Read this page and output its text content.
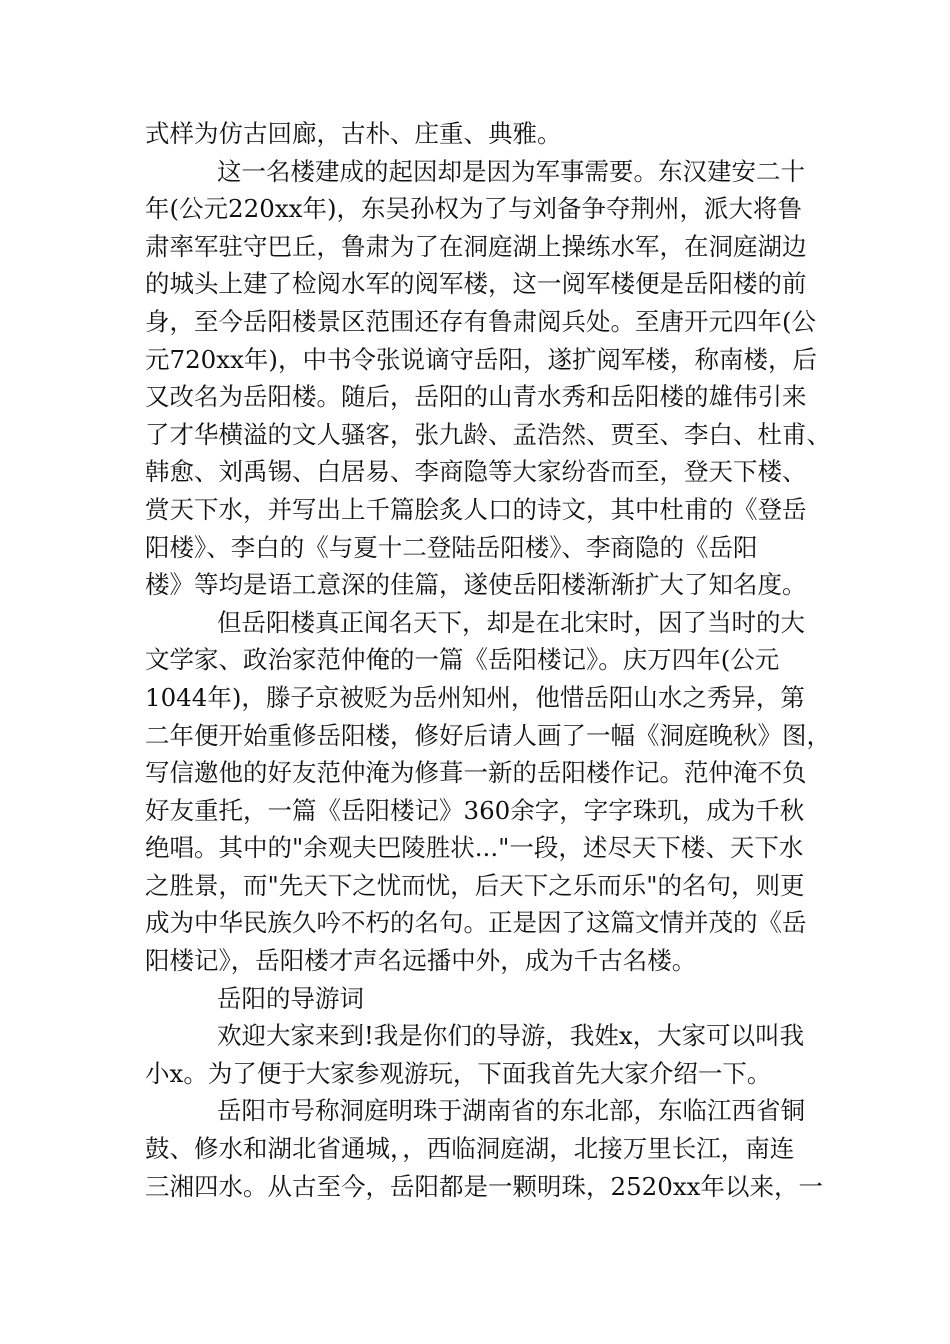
式样为仿古回廊，古朴、庄重、典雅。
这一名楼建成的起因却是因为军事需要。东汉建安二十
年(公元220xx年)，东吴孙权为了与刘备争夺荆州，派大将鲁
肃率军驻守巴丘，鲁肃为了在洞庭湖上操练水军，在洞庭湖边
的城头上建了检阅水军的阅军楼，这一阅军楼便是岳阳楼的前
身，至今岳阳楼景区范围还存有鲁肃阅兵处。至唐开元四年(公
元720xx年)，中书令张说谪守岳阳，遂扩阅军楼，称南楼，后
又改名为岳阳楼。随后，岳阳的山青水秀和岳阳楼的雄伟引来
了才华横溢的文人骚客，张九龄、孟浩然、贾至、李白、杜甫、
韩愈、刘禹锡、白居易、李商隐等大家纷沓而至，登天下楼、
赏天下水，并写出上千篇脍炙人口的诗文，其中杜甫的《登岳
阳楼》、李白的《与夏十二登陆岳阳楼》、李商隐的《岳阳
楼》等均是语工意深的佳篇，遂使岳阳楼渐渐扩大了知名度。
但岳阳楼真正闻名天下，却是在北宋时，因了当时的大
文学家、政治家范仲俺的一篇《岳阳楼记》。庆万四年(公元
1044年)，滕子京被贬为岳州知州，他惜岳阳山水之秀异，第
二年便开始重修岳阳楼，修好后请人画了一幅《洞庭晚秋》图，
写信邀他的好友范仲淹为修葺一新的岳阳楼作记。范仲淹不负
好友重托，一篇《岳阳楼记》360余字，字字珠玑，成为千秋
绝唱。其中的"余观夫巴陵胜状..."一段，述尽天下楼、天下水
之胜景，而"先天下之忧而忧，后天下之乐而乐"的名句，则更
成为中华民族久吟不朽的名句。正是因了这篇文情并茂的《岳
阳楼记》，岳阳楼才声名远播中外，成为千古名楼。
岳阳的导游词
欢迎大家来到!我是你们的导游，我姓x，大家可以叫我
小x。为了便于大家参观游玩，下面我首先大家介绍一下。
岳阳市号称洞庭明珠于湖南省的东北部，东临江西省铜
鼓、修水和湖北省通城，，西临洞庭湖，北接万里长江，南连
三湘四水。从古至今，岳阳都是一颗明珠，2520xx年以来，一
